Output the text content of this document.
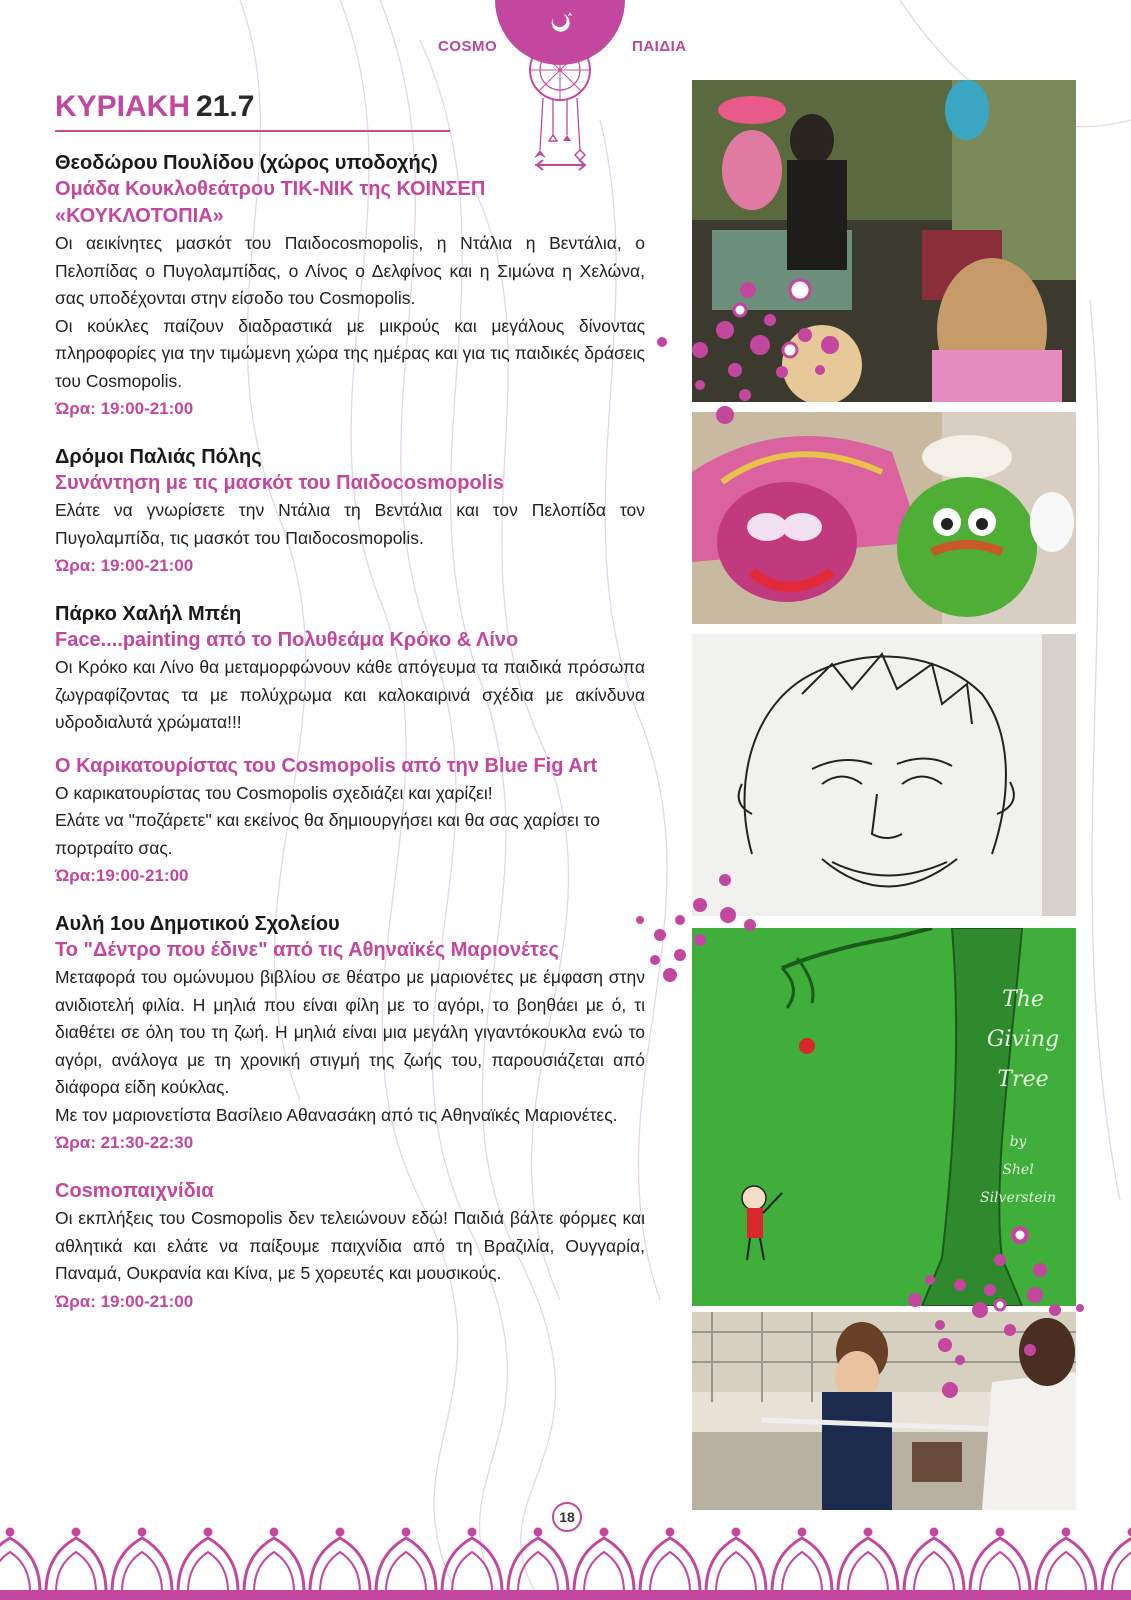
COSMO	ΠΑΙΔΙΑ
ΚΥΡΙΑΚΗ 21.7
Θεοδώρου Πουλίδου (χώρος υποδοχής)
Ομάδα Κουκλοθεάτρου ΤΙΚ-ΝΙΚ της ΚΟΙΝΣΕΠ
«ΚΟΥΚΛΟΤΟΠΙΑ»

Οι αεικίνητες μασκότ του Παιδοcosmopolis, η Ντάλια η Βεντάλια, ο Πελοπίδας ο Πυγολαμπίδας, ο Λίνος ο Δελφίνος και η Σιμώνα η Χελώνα, σας υποδέχονται στην είσοδο του Cosmopolis.

Οι κούκλες παίζουν διαδραστικά με μικρούς και μεγάλους δίνοντας πληροφορίες για την τιμώμενη χώρα της ημέρας και για τις παιδικές δράσεις του Cosmopolis.

Ώρα: 19:00-21:00
Δρόμοι Παλιάς Πόλης
Συνάντηση με τις μασκότ του Παιδοcosmopolis

Ελάτε να γνωρίσετε την Ντάλια τη Βεντάλια και τον Πελοπίδα τον Πυγολαμπίδα, τις μασκότ του Παιδοcosmopolis.

Ώρα: 19:00-21:00
Πάρκο Χαλήλ Μπέη
Face....painting από το Πολυθεάμα Κρόκο & Λίνο

Οι Κρόκο και Λίνο θα μεταμορφώνουν κάθε απόγευμα τα παιδικά πρόσωπα ζωγραφίζοντας τα με πολύχρωμα και καλοκαιρινά σχέδια με ακίνδυνα υδροδιαλυτά χρώματα!!!

Ο Καρικατουρίστας του Cosmopolis από την Blue Fig Art

Ο καρικατουρίστας του Cosmopolis σχεδιάζει και χαρίζει!

Ελάτε να "ποζάρετε" και εκείνος θα δημιουργήσει και θα σας χαρίσει το πορτραίτο σας.

Ώρα:19:00-21:00
Αυλή 1ου Δημοτικού Σχολείου
Το "Δέντρο που έδινε" από τις Αθηναϊκές Μαριονέτες

Μεταφορά του ομώνυμου βιβλίου σε θέατρο με μαριονέτες με έμφαση στην ανιδιοτελή φιλία. Η μηλιά που είναι φίλη με το αγόρι, το βοηθάει με ό, τι διαθέτει σε όλη του τη ζωή. Η μηλιά είναι μια μεγάλη γιγαντόκουκλα ενώ το αγόρι, ανάλογα με τη χρονική στιγμή της ζωής του, παρουσιάζεται από διάφορα είδη κούκλας.

Με τον μαριονετίστα Βασίλειο Αθανασάκη από τις Αθηναϊκές Μαριονέτες.

Ώρα: 21:30-22:30
Cosmoπαιχνίδια

Οι εκπλήξεις του Cosmopolis δεν τελειώνουν εδώ! Παιδιά βάλτε φόρμες και αθλητικά και ελάτε να παίξουμε παιχνίδια από τη Βραζιλία, Ουγγαρία, Παναμά, Ουκρανία και Κίνα, με 5 χορευτές και μουσικούς.

Ώρα: 19:00-21:00
The
Giving
Tree
by
Shel
Silverstein
18
